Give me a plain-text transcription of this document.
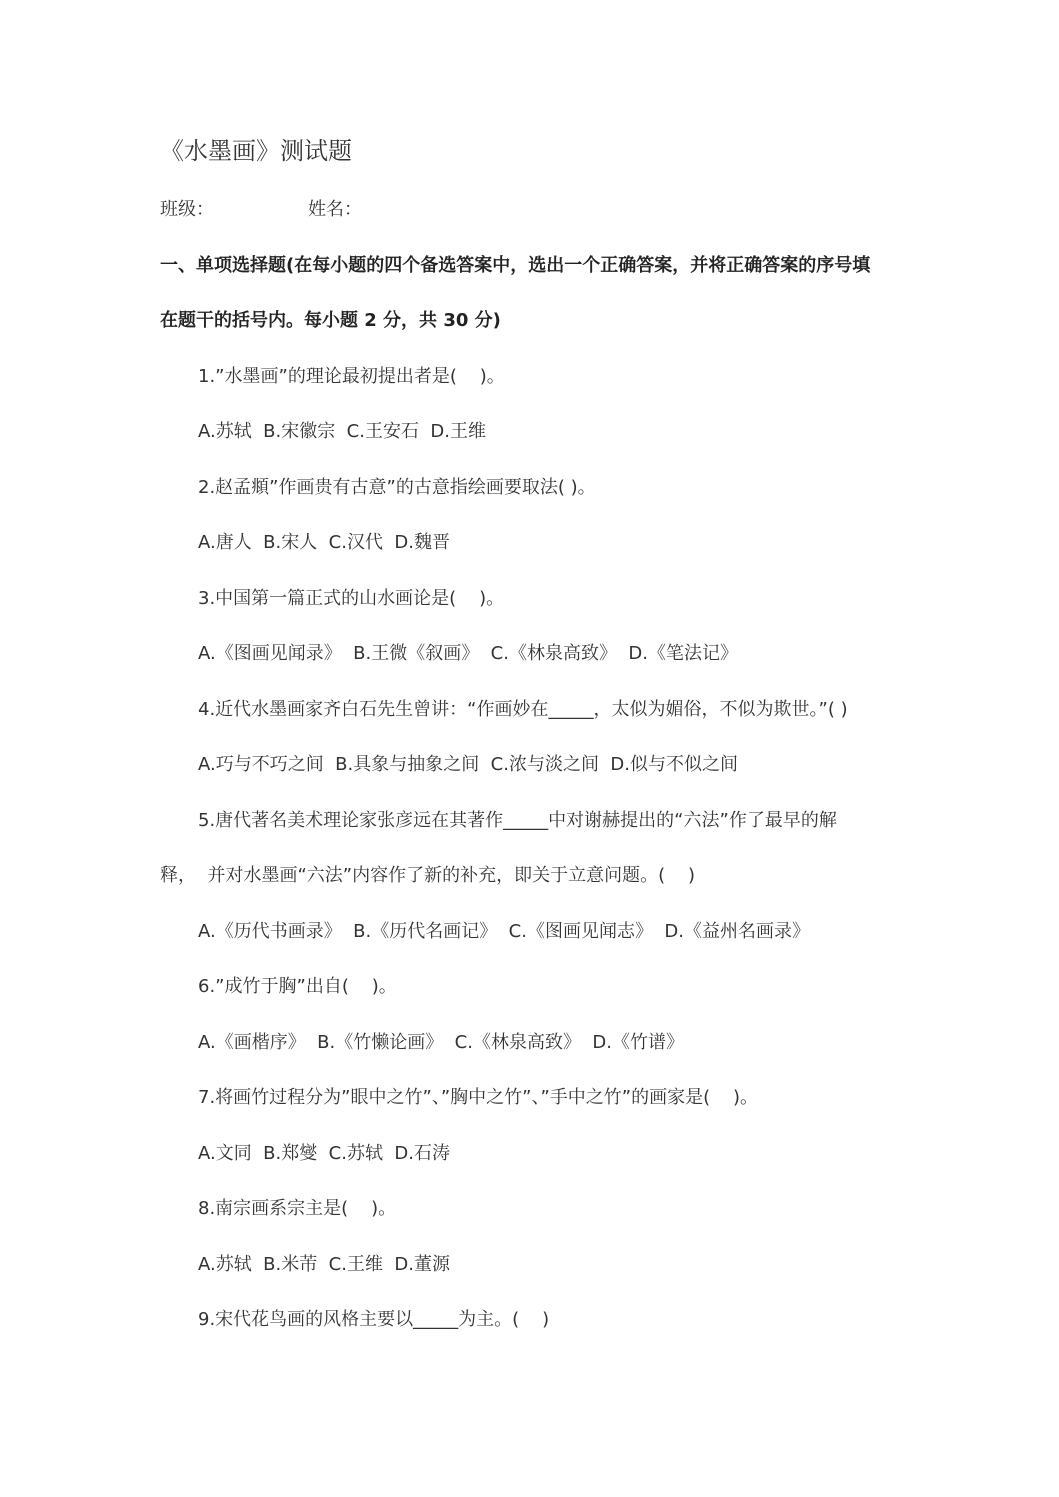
《水墨画》测试题
班级：	姓名：
一、单项选择题(在每小题的四个备选答案中，选出一个正确答案，并将正确答案的序号填
在题干的括号内。每小题 2 分，共 30 分)
1.”水墨画”的理论最初提出者是(    )。
A.苏轼  B.宋徽宗  C.王安石  D.王维
2.赵孟頫”作画贵有古意”的古意指绘画要取法( )。
A.唐人  B.宋人  C.汉代  D.魏晋
3.中国第一篇正式的山水画论是(    )。
A.《图画见闻录》  B.王微《叙画》  C.《林泉高致》  D.《笔法记》
4.近代水墨画家齐白石先生曾讲：“作画妙在_____，太似为媚俗，不似为欺世。”( )
A.巧与不巧之间  B.具象与抽象之间  C.浓与淡之间  D.似与不似之间
5.唐代著名美术理论家张彦远在其著作_____中对谢赫提出的“六法”作了最早的解
释，  并对水墨画“六法”内容作了新的补充，即关于立意问题。(    )
A.《历代书画录》  B.《历代名画记》  C.《图画见闻志》  D.《益州名画录》
6.”成竹于胸”出自(    )。
A.《画楷序》  B.《竹懒论画》  C.《林泉高致》  D.《竹谱》
7.将画竹过程分为”眼中之竹”、”胸中之竹”、”手中之竹”的画家是(    )。
A.文同  B.郑燮  C.苏轼  D.石涛
8.南宗画系宗主是(    )。
A.苏轼  B.米芾  C.王维  D.董源
9.宋代花鸟画的风格主要以_____为主。(    )
